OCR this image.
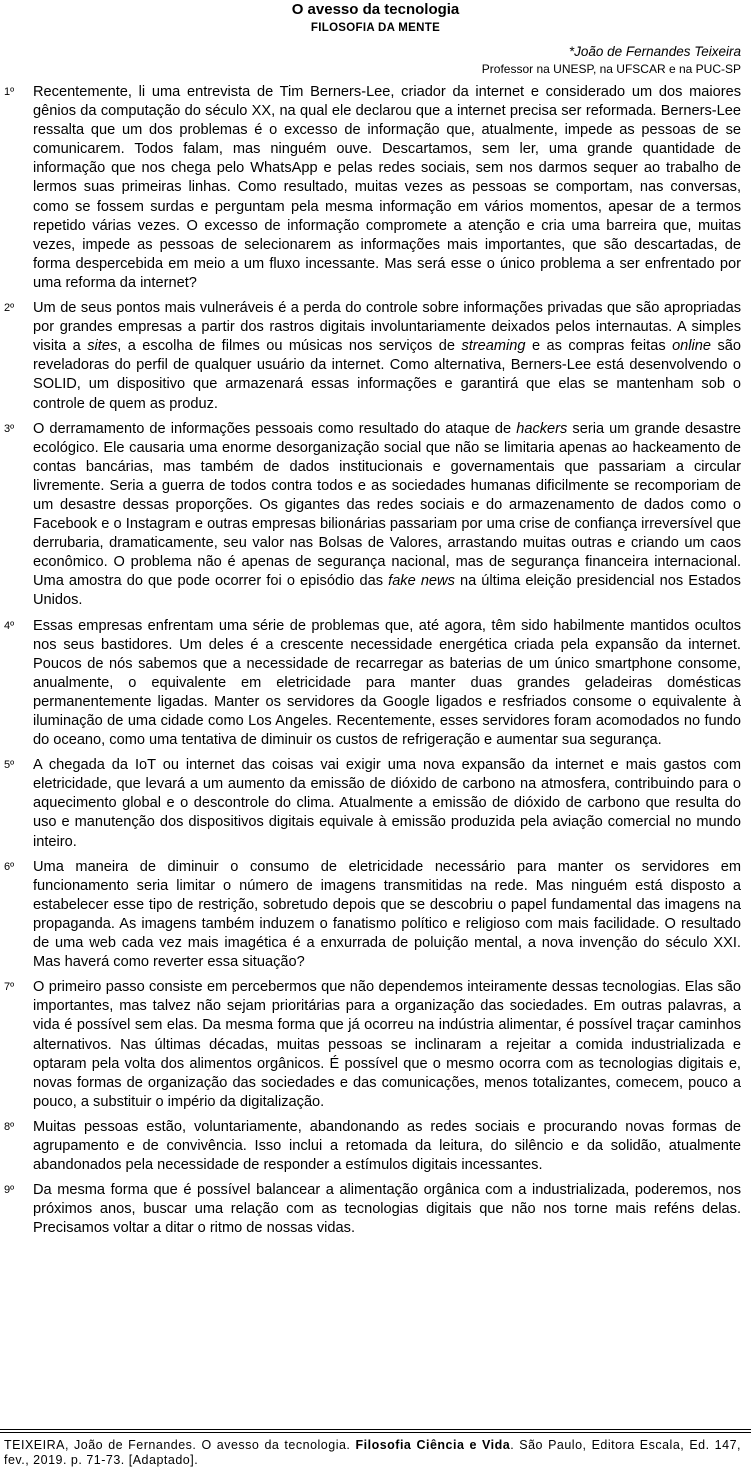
O avesso da tecnologia
FILOSOFIA DA MENTE
*João de Fernandes Teixeira
Professor na UNESP, na UFSCAR e na PUC-SP
1º Recentemente, li uma entrevista de Tim Berners-Lee, criador da internet e considerado um dos maiores gênios da computação do século XX, na qual ele declarou que a internet precisa ser reformada. Berners-Lee ressalta que um dos problemas é o excesso de informação que, atualmente, impede as pessoas de se comunicarem. Todos falam, mas ninguém ouve. Descartamos, sem ler, uma grande quantidade de informação que nos chega pelo WhatsApp e pelas redes sociais, sem nos darmos sequer ao trabalho de lermos suas primeiras linhas. Como resultado, muitas vezes as pessoas se comportam, nas conversas, como se fossem surdas e perguntam pela mesma informação em vários momentos, apesar de a termos repetido várias vezes. O excesso de informação compromete a atenção e cria uma barreira que, muitas vezes, impede as pessoas de selecionarem as informações mais importantes, que são descartadas, de forma despercebida em meio a um fluxo incessante. Mas será esse o único problema a ser enfrentado por uma reforma da internet?
2º Um de seus pontos mais vulneráveis é a perda do controle sobre informações privadas que são apropriadas por grandes empresas a partir dos rastros digitais involuntariamente deixados pelos internautas. A simples visita a sites, a escolha de filmes ou músicas nos serviços de streaming e as compras feitas online são reveladoras do perfil de qualquer usuário da internet. Como alternativa, Berners-Lee está desenvolvendo o SOLID, um dispositivo que armazenará essas informações e garantirá que elas se mantenham sob o controle de quem as produz.
3º O derramamento de informações pessoais como resultado do ataque de hackers seria um grande desastre ecológico. Ele causaria uma enorme desorganização social que não se limitaria apenas ao hackeamento de contas bancárias, mas também de dados institucionais e governamentais que passariam a circular livremente. Seria a guerra de todos contra todos e as sociedades humanas dificilmente se recomporiam de um desastre dessas proporções. Os gigantes das redes sociais e do armazenamento de dados como o Facebook e o Instagram e outras empresas bilionárias passariam por uma crise de confiança irreversível que derrubaria, dramaticamente, seu valor nas Bolsas de Valores, arrastando muitas outras e criando um caos econômico. O problema não é apenas de segurança nacional, mas de segurança financeira internacional. Uma amostra do que pode ocorrer foi o episódio das fake news na última eleição presidencial nos Estados Unidos.
4º Essas empresas enfrentam uma série de problemas que, até agora, têm sido habilmente mantidos ocultos nos seus bastidores. Um deles é a crescente necessidade energética criada pela expansão da internet. Poucos de nós sabemos que a necessidade de recarregar as baterias de um único smartphone consome, anualmente, o equivalente em eletricidade para manter duas grandes geladeiras domésticas permanentemente ligadas. Manter os servidores da Google ligados e resfriados consome o equivalente à iluminação de uma cidade como Los Angeles. Recentemente, esses servidores foram acomodados no fundo do oceano, como uma tentativa de diminuir os custos de refrigeração e aumentar sua segurança.
5º A chegada da IoT ou internet das coisas vai exigir uma nova expansão da internet e mais gastos com eletricidade, que levará a um aumento da emissão de dióxido de carbono na atmosfera, contribuindo para o aquecimento global e o descontrole do clima. Atualmente a emissão de dióxido de carbono que resulta do uso e manutenção dos dispositivos digitais equivale à emissão produzida pela aviação comercial no mundo inteiro.
6º Uma maneira de diminuir o consumo de eletricidade necessário para manter os servidores em funcionamento seria limitar o número de imagens transmitidas na rede. Mas ninguém está disposto a estabelecer esse tipo de restrição, sobretudo depois que se descobriu o papel fundamental das imagens na propaganda. As imagens também induzem o fanatismo político e religioso com mais facilidade. O resultado de uma web cada vez mais imagética é a enxurrada de poluição mental, a nova invenção do século XXI. Mas haverá como reverter essa situação?
7º O primeiro passo consiste em percebermos que não dependemos inteiramente dessas tecnologias. Elas são importantes, mas talvez não sejam prioritárias para a organização das sociedades. Em outras palavras, a vida é possível sem elas. Da mesma forma que já ocorreu na indústria alimentar, é possível traçar caminhos alternativos. Nas últimas décadas, muitas pessoas se inclinaram a rejeitar a comida industrializada e optaram pela volta dos alimentos orgânicos. É possível que o mesmo ocorra com as tecnologias digitais e, novas formas de organização das sociedades e das comunicações, menos totalizantes, comecem, pouco a pouco, a substituir o império da digitalização.
8º Muitas pessoas estão, voluntariamente, abandonando as redes sociais e procurando novas formas de agrupamento e de convivência. Isso inclui a retomada da leitura, do silêncio e da solidão, atualmente abandonados pela necessidade de responder a estímulos digitais incessantes.
9º Da mesma forma que é possível balancear a alimentação orgânica com a industrializada, poderemos, nos próximos anos, buscar uma relação com as tecnologias digitais que não nos torne mais reféns delas. Precisamos voltar a ditar o ritmo de nossas vidas.
TEIXEIRA, João de Fernandes. O avesso da tecnologia. Filosofia Ciência e Vida. São Paulo, Editora Escala, Ed. 147, fev., 2019. p. 71-73. [Adaptado].
